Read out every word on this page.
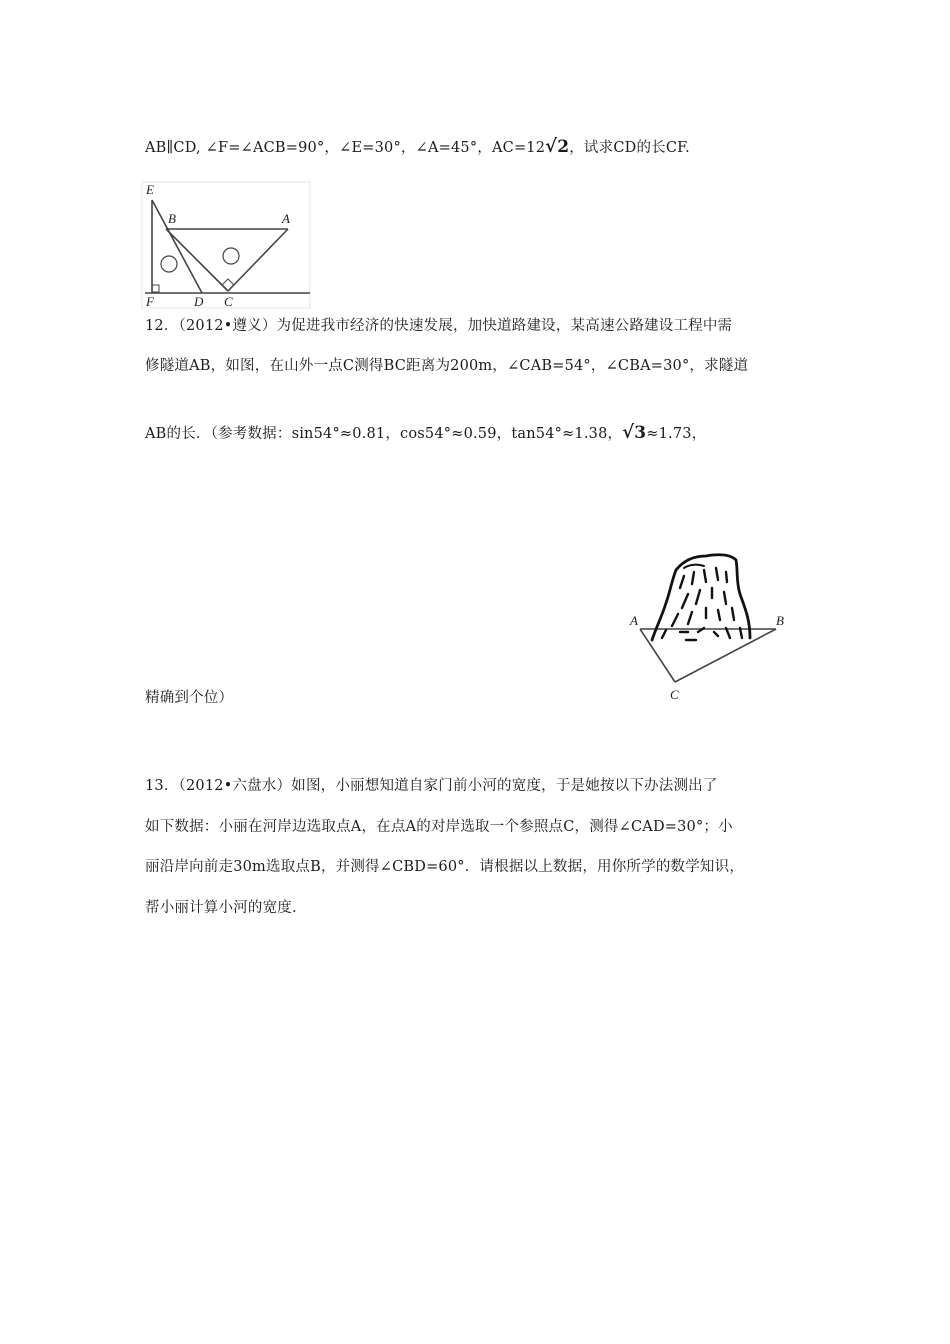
AB∥CD, ∠F=∠ACB=90°，∠E=30°，∠A=45°，AC=12√2，试求CD的长CF.
E
B	A
F	D C
12．（2012•遵义）为促进我市经济的快速发展，加快道路建设，某高速公路建设工程中需
修隧道AB，如图，在山外一点C测得BC距离为200m，∠CAB=54°，∠CBA=30°，求隧道
AB的长．（参考数据：sin54°≈0.81，cos54°≈0.59，tan54°≈1.38，√3≈1.73，
精确到个位）
A	B
C
13．（2012•六盘水）如图，小丽想知道自家门前小河的宽度，于是她按以下办法测出了
如下数据：小丽在河岸边选取点A，在点A的对岸选取一个参照点C，测得∠CAD=30°；小
丽沿岸向前走30m选取点B，并测得∠CBD=60°．请根据以上数据，用你所学的数学知识，
帮小丽计算小河的宽度.
